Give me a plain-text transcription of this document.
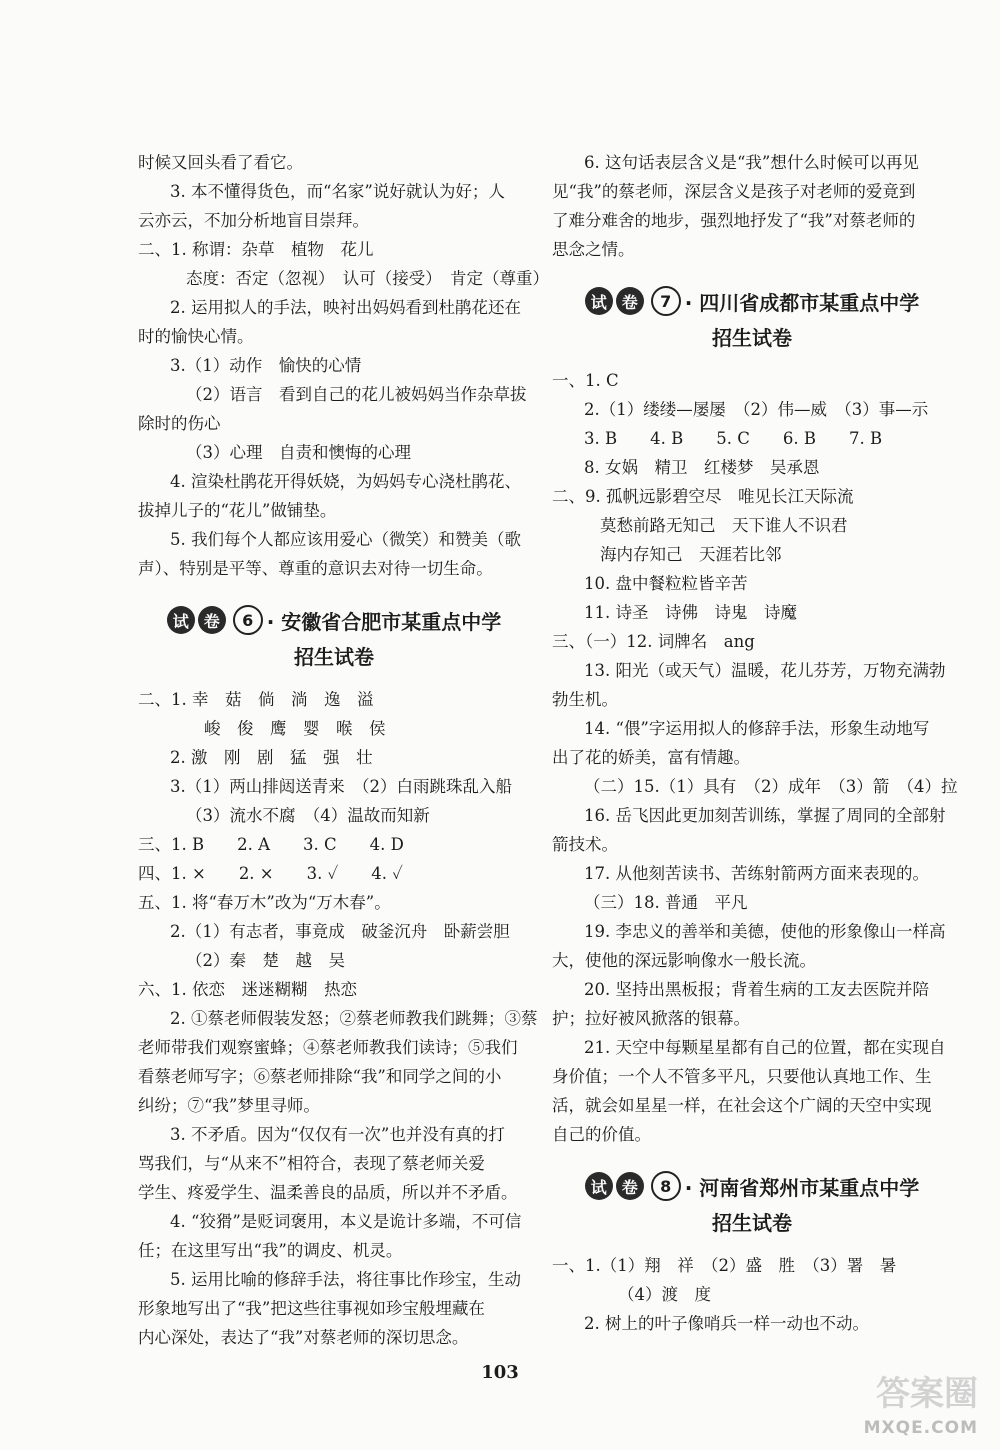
时候又回头看了看它。
3. 本不懂得货色，而“名家”说好就认为好；人
云亦云，不加分析地盲目崇拜。
二、1. 称谓：杂草　植物　花儿
态度：否定（忽视）　认可（接受）　肯定（尊重）
2. 运用拟人的手法，映衬出妈妈看到杜鹃花还在
时的愉快心情。
3.（1）动作　愉快的心情
（2）语言　看到自己的花儿被妈妈当作杂草拔
除时的伤心
（3）心理　自责和懊悔的心理
4. 渲染杜鹃花开得妖娆，为妈妈专心浇杜鹃花、
拔掉儿子的“花儿”做铺垫。
5. 我们每个人都应该用爱心（微笑）和赞美（歌
声）、特别是平等、尊重的意识去对待一切生命。
试 卷	6 · 安徽省合肥市某重点中学
招生试卷
二、1. 幸　菇　倘　淌　逸　溢
峻　俊　鹰　婴　喉　侯
2. 激　刚　剧　猛　强　壮
3.（1）两山排闼送青来　（2）白雨跳珠乱入船
（3）流水不腐　（4）温故而知新
三、1. B　　2. A　　3. C　　4. D
四、1. ×　　2. ×　　3. ✓　　4. ✓
五、1. 将“春万木”改为“万木春”。
2.（1）有志者，事竟成　破釜沉舟　卧薪尝胆
（2）秦　楚　越　吴
六、1. 依恋　迷迷糊糊　热恋
2. ①蔡老师假装发怒；②蔡老师教我们跳舞；③蔡
老师带我们观察蜜蜂；④蔡老师教我们读诗；⑤我们
看蔡老师写字；⑥蔡老师排除“我”和同学之间的小
纠纷；⑦“我”梦里寻师。
3. 不矛盾。因为“仅仅有一次”也并没有真的打
骂我们，与“从来不”相符合，表现了蔡老师关爱
学生、疼爱学生、温柔善良的品质，所以并不矛盾。
4. “狡猾”是贬词褒用，本义是诡计多端，不可信
任；在这里写出“我”的调皮、机灵。
5. 运用比喻的修辞手法，将往事比作珍宝，生动
形象地写出了“我”把这些往事视如珍宝般埋藏在
内心深处，表达了“我”对蔡老师的深切思念。
6. 这句话表层含义是“我”想什么时候可以再见
见“我”的蔡老师，深层含义是孩子对老师的爱竟到
了难分难舍的地步，强烈地抒发了“我”对蔡老师的
思念之情。
试 卷	7 · 四川省成都市某重点中学
招生试卷
一、1. C
2.（1）缕缕—屡屡　（2）伟—威　（3）事—示
3. B　　4. B　　5. C　　6. B　　7. B
8. 女娲　精卫　红楼梦　吴承恩
二、9. 孤帆远影碧空尽　唯见长江天际流
莫愁前路无知己　天下谁人不识君
海内存知己　天涯若比邻
10. 盘中餐粒粒皆辛苦
11. 诗圣　诗佛　诗鬼　诗魔
三、（一）12. 词牌名　ang
13. 阳光（或天气）温暖，花儿芬芳，万物充满勃
勃生机。
14. “偎”字运用拟人的修辞手法，形象生动地写
出了花的娇美，富有情趣。
（二）15.（1）具有　（2）成年　（3）箭　（4）拉
16. 岳飞因此更加刻苦训练，掌握了周同的全部射
箭技术。
17. 从他刻苦读书、苦练射箭两方面来表现的。
（三）18. 普通　平凡
19. 李忠义的善举和美德，使他的形象像山一样高
大，使他的深远影响像水一般长流。
20. 坚持出黑板报；背着生病的工友去医院并陪
护；拉好被风掀落的银幕。
21. 天空中每颗星星都有自己的位置，都在实现自
身价值；一个人不管多平凡，只要他认真地工作、生
活，就会如星星一样，在社会这个广阔的天空中实现
自己的价值。
试 卷	8 · 河南省郑州市某重点中学
招生试卷
一、1.（1）翔　祥　（2）盛　胜　（3）署　暑
（4）渡　度
2. 树上的叶子像哨兵一样一动也不动。
103
答案圈
MXQE.COM
